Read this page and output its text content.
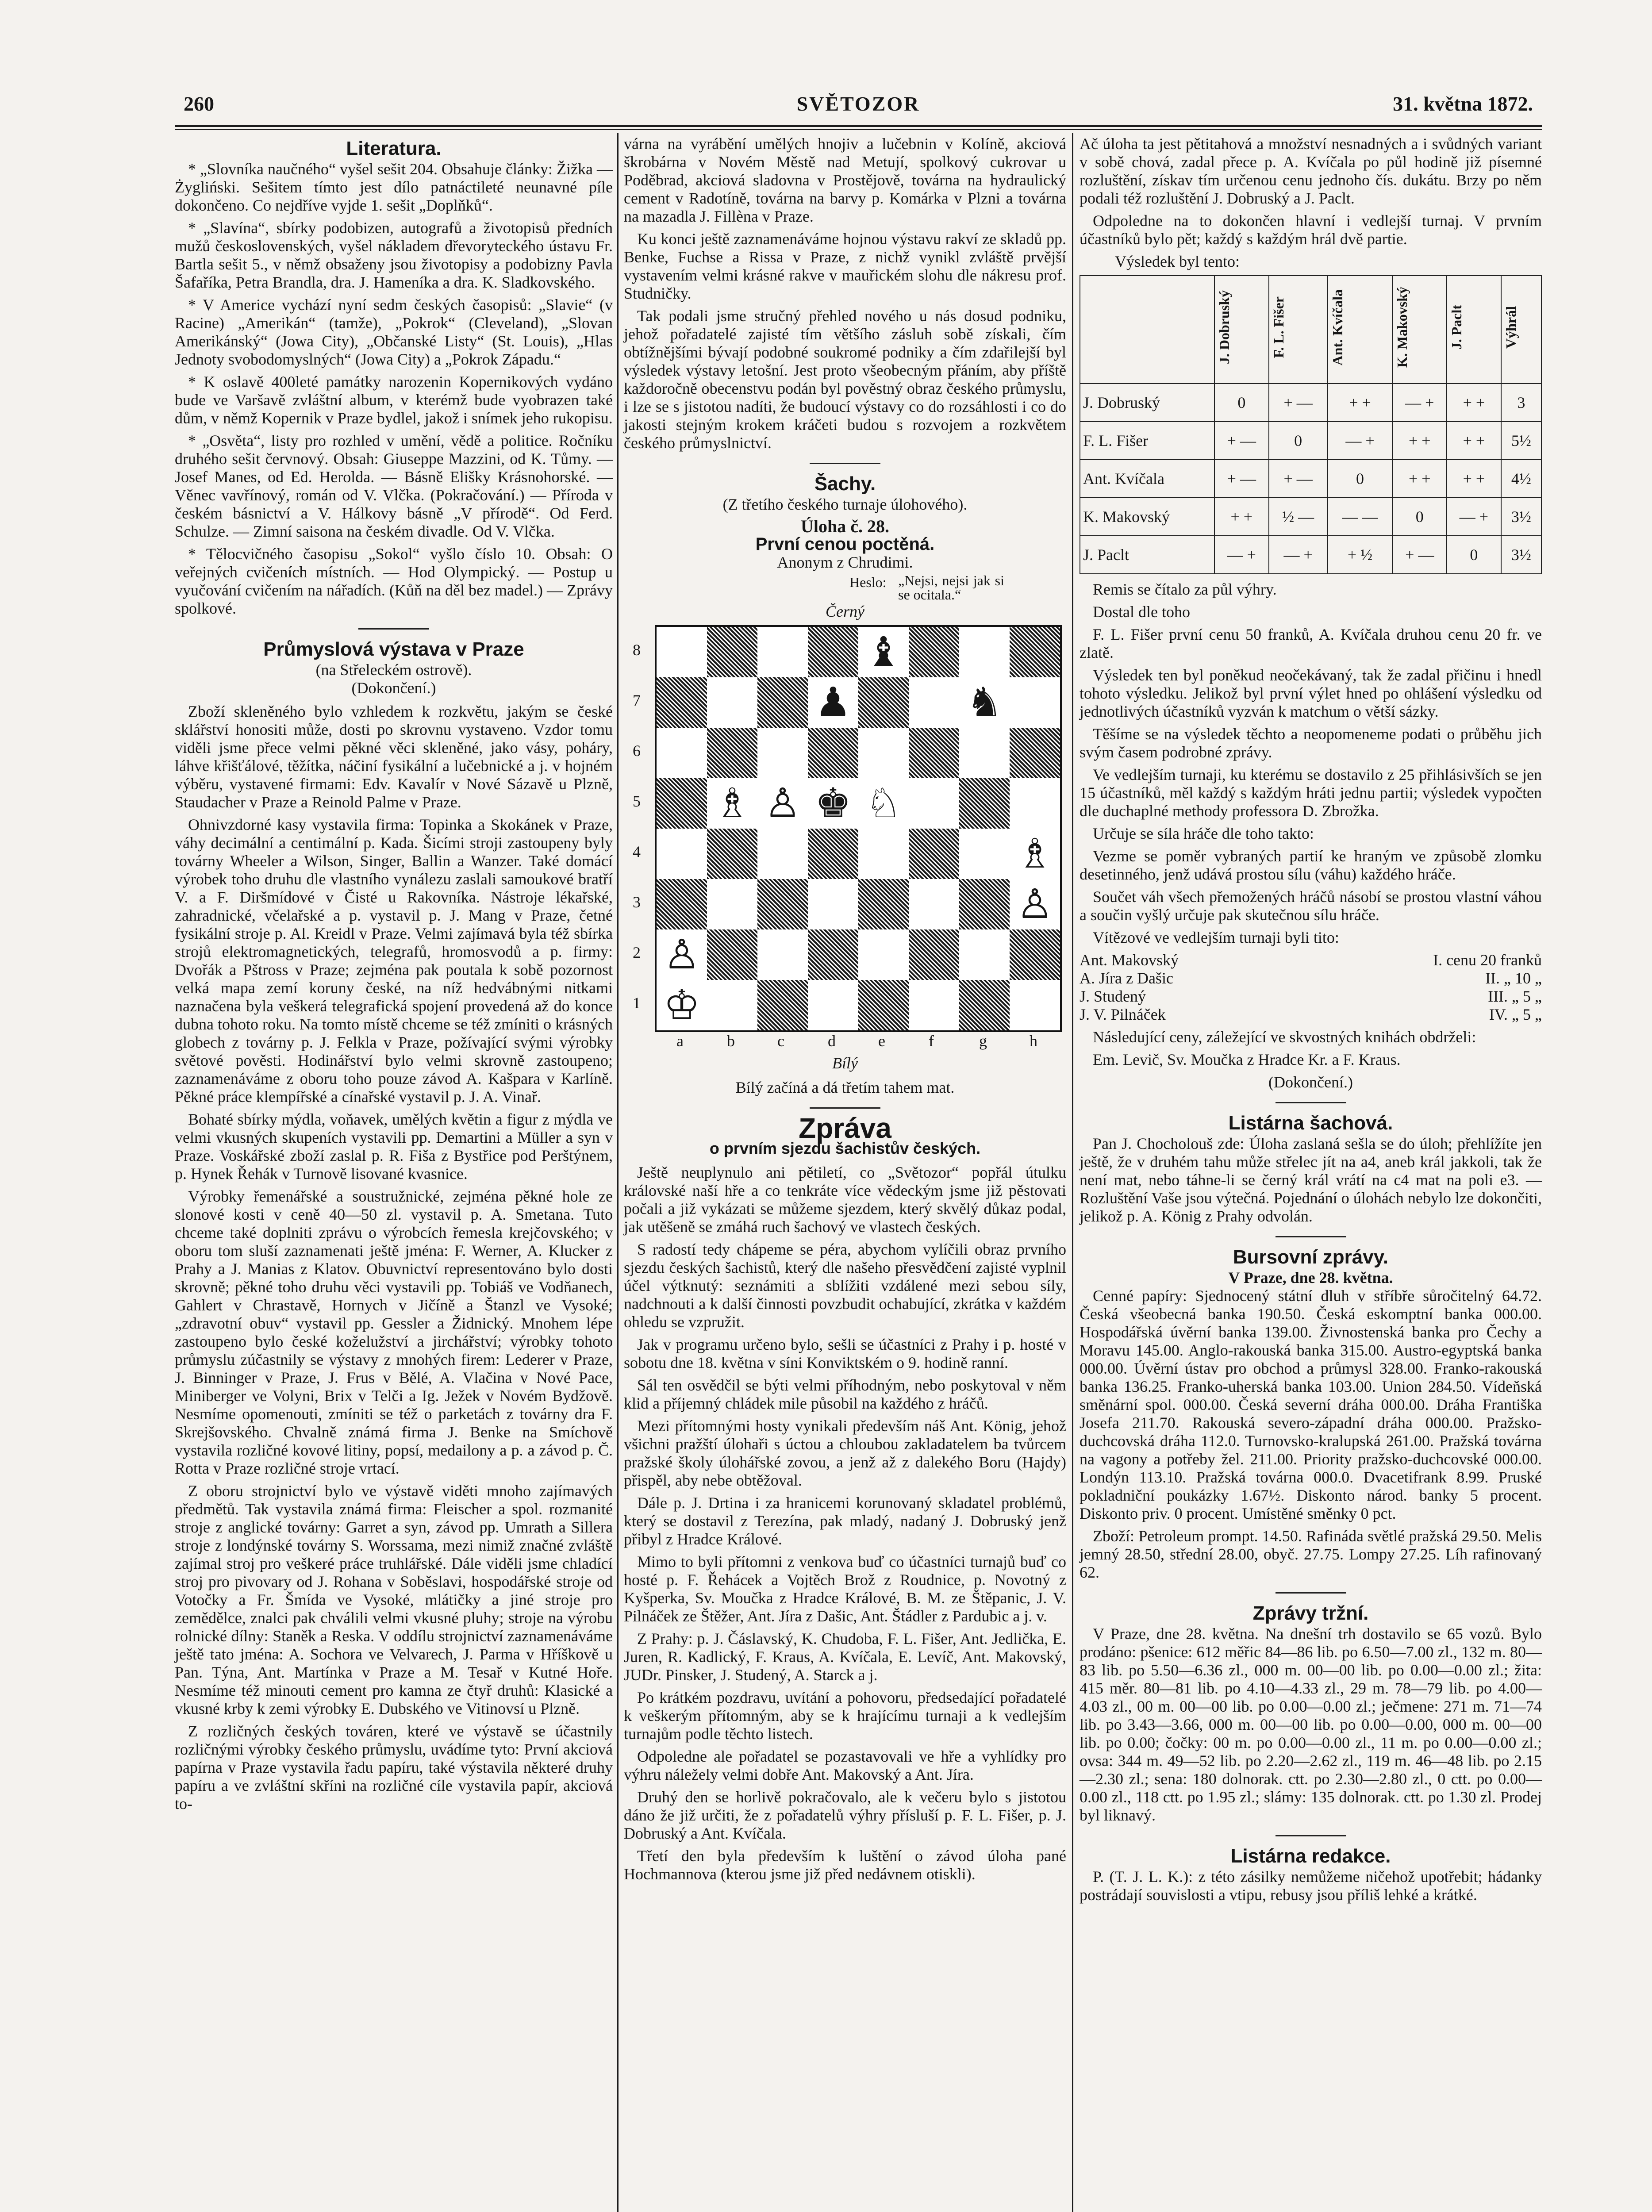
260	SVĚTOZOR	31. května 1872.
Literatura.

* „Slovníka naučného“ vyšel sešit 204. Obsahuje články: Žižka — Żygliński. Sešitem tímto jest dílo patnáctileté neunavné píle dokončeno. Co nejdříve vyjde 1. sešit „Doplňků“.

* „Slavína“, sbírky podobizen, autografů a životopisů předních mužů československých, vyšel nákladem dřevoryteckého ústavu Fr. Bartla sešit 5., v němž obsaženy jsou životopisy a podobizny Pavla Šafaříka, Petra Brandla, dra. J. Hameníka a dra. K. Sladkovského.

* V Americe vychází nyní sedm českých časopisů: „Slavie“ (v Racine) „Amerikán“ (tamže), „Pokrok“ (Cleveland), „Slovan Amerikánský“ (Jowa City), „Občanské Listy“ (St. Louis), „Hlas Jednoty svobodomyslných“ (Jowa City) a „Pokrok Západu.“

* K oslavě 400leté památky narozenin Kopernikových vydáno bude ve Varšavě zvláštní album, v kterémž bude vyobrazen také dům, v němž Kopernik v Praze bydlel, jakož i snímek jeho rukopisu.

* „Osvěta“, listy pro rozhled v umění, vědě a politice. Ročníku druhého sešit červnový. Obsah: Giuseppe Mazzini, od K. Tůmy. — Josef Manes, od Ed. Herolda. — Básně Elišky Krásnohorské. — Věnec vavřínový, román od V. Vlčka. (Pokračování.) — Příroda v českém básnictví a V. Hálkovy básně „V přírodě“. Od Ferd. Schulze. — Zimní saisona na českém divadle. Od V. Vlčka.

* Tělocvičného časopisu „Sokol“ vyšlo číslo 10. Obsah: O veřejných cvičeních místních. — Hod Olympický. — Postup u vyučování cvičením na nářadích. (Kůň na děl bez madel.) — Zprávy spolkové.

Průmyslová výstava v Praze
(na Střeleckém ostrově).
(Dokončení.)

Zboží skleněného bylo vzhledem k rozkvětu, jakým se české sklářství honositi může, dosti po skrovnu vystaveno. Vzdor tomu viděli jsme přece velmi pěkné věci skleněné, jako vásy, poháry, láhve křišťálové, těžítka, náčiní fysikální a lučebnické a j. v hojném výběru, vystavené firmami: Edv. Kavalír v Nové Sázavě u Plzně, Staudacher v Praze a Reinold Palme v Praze.

Ohnivzdorné kasy vystavila firma: Topinka a Skokánek v Praze, váhy decimální a centimální p. Kada. Šicími stroji zastoupeny byly továrny Wheeler a Wilson, Singer, Ballin a Wanzer. Také domácí výrobek toho druhu dle vlastního vynálezu zaslali samoukové bratří V. a F. Diršmídové v Čisté u Rakovníka. Nástroje lékařské, zahradnické, včelařské a p. vystavil p. J. Mang v Praze, četné fysikální stroje p. Al. Kreidl v Praze. Velmi zajímavá byla též sbírka strojů elektromagnetických, telegrafů, hromosvodů a p. firmy: Dvořák a Pštross v Praze; zejména pak poutala k sobě pozornost velká mapa zemí koruny české, na níž hedvábnými nitkami naznačena byla veškerá telegrafická spojení provedená až do konce dubna tohoto roku. Na tomto místě chceme se též zmíniti o krásných globech z továrny p. J. Felkla v Praze, požívající svými výrobky světové pověsti. Hodinářství bylo velmi skrovně zastoupeno; zaznamenáváme z oboru toho pouze závod A. Kašpara v Karlíně. Pěkné práce klempířské a cínařské vystavil p. J. A. Vinař.

Bohaté sbírky mýdla, voňavek, umělých květin a figur z mýdla ve velmi vkusných skupeních vystavili pp. Demartini a Müller a syn v Praze. Voskářské zboží zaslal p. R. Fiša z Bystřice pod Perštýnem, p. Hynek Řehák v Turnově lisované kvasnice.

Výrobky řemenářské a soustružnické, zejména pěkné hole ze slonové kosti v ceně 40—50 zl. vystavil p. A. Smetana. Tuto chceme také doplniti zprávu o výrobcích řemesla krejčovského; v oboru tom sluší zaznamenati ještě jména: F. Werner, A. Klucker z Prahy a J. Manias z Klatov. Obuvnictví representováno bylo dosti skrovně; pěkné toho druhu věci vystavili pp. Tobiáš ve Vodňanech, Gahlert v Chrastavě, Hornych v Jičíně a Štanzl ve Vysoké; „zdravotní obuv“ vystavil pp. Gessler a Židnický. Mnohem lépe zastoupeno bylo české koželužství a jirchářství; výrobky tohoto průmyslu zúčastnily se výstavy z mnohých firem: Lederer v Praze, J. Binninger v Praze, J. Frus v Bělé, A. Vlačina v Nové Pace, Miniberger ve Volyni, Brix v Telči a Ig. Ježek v Novém Bydžově. Nesmíme opomenouti, zmíniti se též o parketách z továrny dra F. Skrejšovského. Chvalně známá firma J. Benke na Smíchově vystavila rozličné kovové litiny, popsí, medailony a p. a závod p. Č. Rotta v Praze rozličné stroje vrtací.

Z oboru strojnictví bylo ve výstavě viděti mnoho zajímavých předmětů. Tak vystavila známá firma: Fleischer a spol. rozmanité stroje z anglické továrny: Garret a syn, závod pp. Umrath a Sillera stroje z londýnské továrny S. Worssama, mezi nimiž značné zvláště zajímal stroj pro veškeré práce truhlářské. Dále viděli jsme chladící stroj pro pivovary od J. Rohana v Soběslavi, hospodářské stroje od Votočky a Fr. Šmída ve Vysoké, mlátičky a jiné stroje pro zemědělce, znalci pak chválili velmi vkusné pluhy; stroje na výrobu rolnické dílny: Staněk a Reska. V oddílu strojnictví zaznamenáváme ještě tato jména: A. Sochora ve Velvarech, J. Parma v Hříškově u Pan. Týna, Ant. Martínka v Praze a M. Tesař v Kutné Hoře. Nesmíme též minouti cement pro kamna ze čtyř druhů: Klasické a vkusné krby k zemi výrobky E. Dubského ve Vitinovsí u Plzně.

Z rozličných českých továren, které ve výstavě se účastnily rozličnými výrobky českého průmyslu, uvádíme tyto: První akciová papírna v Praze vystavila řadu papíru, také výstavila některé druhy papíru a ve zvláštní skříni na rozličné cíle vystavila papír, akciová to-

várna na vyrábění umělých hnojiv a lučebnin v Kolíně, akciová škrobárna v Novém Městě nad Metují, spolkový cukrovar u Poděbrad, akciová sladovna v Prostějově, továrna na hydraulický cement v Radotíně, továrna na barvy p. Komárka v Plzni a továrna na mazadla J. Fillèna v Praze.

Ku konci ještě zaznamenáváme hojnou výstavu rakví ze skladů pp. Benke, Fuchse a Rissa v Praze, z nichž vynikl zvláště prvější vystavením velmi krásné rakve v mauřickém slohu dle nákresu prof. Studničky.

Tak podali jsme stručný přehled nového u nás dosud podniku, jehož pořadatelé zajisté tím většího zásluh sobě získali, čím obtížnějšími bývají podobné soukromé podniky a čím zdařilejší byl výsledek výstavy letošní. Jest proto všeobecným přáním, aby příště každoročně obecenstvu podán byl pověstný obraz českého průmyslu, i lze se s jistotou nadíti, že budoucí výstavy co do rozsáhlosti i co do jakosti stejným krokem kráčeti budou s rozvojem a rozkvětem českého průmyslnictví.

Šachy.
(Z třetího českého turnaje úlohového).
Úloha č. 28.
První cenou poctěná.
Anonym z Chrudimi.
Heslo: „Nejsi, nejsi jak si se ocitala.“
Černý
8
7
6
5
4
3
2
1
♝
♟	♞
♗ ♙ ♚ ♘
♗
♙
♙
♔
a	b	c	d	e	f	g	h
Bílý
Bílý začíná a dá třetím tahem mat.
Zpráva
o prvním sjezdu šachistův českých.

Ještě neuplynulo ani pětiletí, co „Světozor“ popřál útulku královské naší hře a co tenkráte více vědeckým jsme již pěstovati počali a již vykázati se můžeme sjezdem, který skvělý důkaz podal, jak utěšeně se zmáhá ruch šachový ve vlastech českých.

S radostí tedy chápeme se péra, abychom vylíčili obraz prvního sjezdu českých šachistů, který dle našeho přesvědčení zajisté vyplnil účel výtknutý: seznámiti a sblížiti vzdálené mezi sebou síly, nadchnouti a k další činnosti povzbudit ochabující, zkrátka v každém ohledu se vzpružit.

Jak v programu určeno bylo, sešli se účastníci z Prahy i p. hosté v sobotu dne 18. května v síni Konviktském o 9. hodině ranní.

Sál ten osvědčil se býti velmi příhodným, nebo poskytoval v něm klid a příjemný chládek mile působil na každého z hráčů.

Mezi přítomnými hosty vynikali především náš Ant. König, jehož všichni pražští úlohaři s úctou a chloubou zakladatelem ba tvůrcem pražské školy úlohářské zovou, a jenž až z dalekého Boru (Hajdy) přispěl, aby nebe obtěžoval.

Dále p. J. Drtina i za hranicemi korunovaný skladatel problémů, který se dostavil z Terezína, pak mladý, nadaný J. Dobruský jenž přibyl z Hradce Králové.

Mimo to byli přítomni z venkova buď co účastníci turnajů buď co hosté p. F. Řehácek a Vojtěch Brož z Roudnice, p. Novotný z Kyšperka, Sv. Moučka z Hradce Králové, B. M. ze Štěpanic, J. V. Pilnáček ze Štěžer, Ant. Jíra z Dašic, Ant. Štádler z Pardubic a j. v.

Z Prahy: p. J. Čáslavský, K. Chudoba, F. L. Fišer, Ant. Jedlička, E. Juren, R. Kadlický, F. Kraus, A. Kvíčala, E. Levíč, Ant. Makovský, JUDr. Pinsker, J. Studený, A. Starck a j.

Po krátkém pozdravu, uvítání a pohovoru, předsedající pořadatelé k veškerým přítomným, aby se k hrajícímu turnaji a k vedlejším turnajům podle těchto listech.

Odpoledne ale pořadatel se pozastavovali ve hře a vyhlídky pro výhru náležely velmi dobře Ant. Makovský a Ant. Jíra.

Druhý den se horlivě pokračovalo, ale k večeru bylo s jistotou dáno že již určiti, že z pořadatelů výhry přísluší p. F. L. Fišer, p. J. Dobruský a Ant. Kvíčala.

Třetí den byla především k luštění o závod úloha pané Hochmannova (kterou jsme již před nedávnem otiskli).

Ač úloha ta jest pětitahová a množství nesnadných a i svůdných variant v sobě chová, zadal přece p. A. Kvíčala po půl hodině již písemné rozluštění, získav tím určenou cenu jednoho čís. dukátu. Brzy po něm podali též rozluštění J. Dobruský a J. Paclt.

Odpoledne na to dokončen hlavní i vedlejší turnaj. V prvním účastníků bylo pět; každý s každým hrál dvě partie.

Výsledek byl tento:
	J. Dobruský	F. L. Fišer	Ant. Kvíčala	K. Makovský	J. Paclt	Výhrál
J. Dobruský	0	+ —	+ +	— +	+ +	3
F. L. Fišer	+ —	0	— +	+ +	+ +	5½
Ant. Kvíčala	+ —	+ —	0	+ +	+ +	4½
K. Makovský	+ +	½ —	— —	0	— +	3½
J. Paclt	— +	— +	+ ½	+ —	0	3½

Remis se čítalo za půl výhry.

Dostal dle toho

F. L. Fišer první cenu 50 franků, A. Kvíčala druhou cenu 20 fr. ve zlatě.

Výsledek ten byl poněkud neočekávaný, tak že zadal přičinu i hnedl tohoto výsledku. Jelikož byl první výlet hned po ohlášení výsledku od jednotlivých účastníků vyzván k matchum o větší sázky.

Těšíme se na výsledek těchto a neopomeneme podati o průběhu jich svým časem podrobné zprávy.

Ve vedlejším turnaji, ku kterému se dostavilo z 25 přihlásivších se jen 15 účastníků, měl každý s každým hráti jednu partii; výsledek vypočten dle duchaplné methody professora D. Zbrožka.

Určuje se síla hráče dle toho takto:

Vezme se poměr vybraných partií ke hraným ve způsobě zlomku desetinného, jenž udává prostou sílu (váhu) každého hráče.

Součet váh všech přemožených hráčů násobí se prostou vlastní váhou a součin vyšlý určuje pak skutečnou sílu hráče.

Vítězové ve vedlejším turnaji byli tito:

Ant. Makovský	I. cenu 20 franků
A. Jíra z Dašic	II. „ 10 „
J. Studený	III. „ 5 „
J. V. Pilnáček	IV. „ 5 „

Následující ceny, záležející ve skvostných knihách obdrželi:

Em. Levič, Sv. Moučka z Hradce Kr. a F. Kraus.

(Dokončení.)
Listárna šachová.

Pan J. Chocholouš zde: Úloha zaslaná sešla se do úloh; přehlížíte jen ještě, že v druhém tahu může střelec jít na a4, aneb král jakkoli, tak že není mat, nebo táhne-li se černý král vrátí na c4 mat na poli e3. — Rozluštění Vaše jsou výtečná. Pojednání o úlohách nebylo lze dokončiti, jelikož p. A. König z Prahy odvolán.

Bursovní zprávy.
V Praze, dne 28. května.

Cenné papíry: Sjednocený státní dluh v stříbře sůročitelný 64.72. Česká všeobecná banka 190.50. Česká eskomptní banka 000.00. Hospodářská úvěrní banka 139.00. Živnostenská banka pro Čechy a Moravu 145.00. Anglo-rakouská banka 315.00. Austro-egyptská banka 000.00. Úvěrní ústav pro obchod a průmysl 328.00. Franko-rakouská banka 136.25. Franko-uherská banka 103.00. Union 284.50. Vídeňská směnární spol. 000.00. Česká severní dráha 000.00. Dráha Františka Josefa 211.70. Rakouská severo-západní dráha 000.00. Pražsko-duchcovská dráha 112.0. Turnovsko-kralupská 261.00. Pražská továrna na vagony a potřeby žel. 211.00. Priority pražsko-duchcovské 000.00. Londýn 113.10. Pražská továrna 000.0. Dvacetifrank 8.99. Pruské pokladniční poukázky 1.67½. Diskonto národ. banky 5 procent. Diskonto priv. 0 procent. Umístěné směnky 0 pct.

Zboží: Petroleum prompt. 14.50. Rafináda světlé pražská 29.50. Melis jemný 28.50, střední 28.00, obyč. 27.75. Lompy 27.25. Líh rafinovaný 62.

Zprávy tržní.

V Praze, dne 28. května. Na dnešní trh dostavilo se 65 vozů. Bylo prodáno: pšenice: 612 měřic 84—86 lib. po 6.50—7.00 zl., 132 m. 80—83 lib. po 5.50—6.36 zl., 000 m. 00—00 lib. po 0.00—0.00 zl.; žita: 415 měr. 80—81 lib. po 4.10—4.33 zl., 29 m. 78—79 lib. po 4.00—4.03 zl., 00 m. 00—00 lib. po 0.00—0.00 zl.; ječmene: 271 m. 71—74 lib. po 3.43—3.66, 000 m. 00—00 lib. po 0.00—0.00, 000 m. 00—00 lib. po 0.00; čočky: 00 m. po 0.00—0.00 zl., 11 m. po 0.00—0.00 zl.; ovsa: 344 m. 49—52 lib. po 2.20—2.62 zl., 119 m. 46—48 lib. po 2.15—2.30 zl.; sena: 180 dolnorak. ctt. po 2.30—2.80 zl., 0 ctt. po 0.00—0.00 zl., 118 ctt. po 1.95 zl.; slámy: 135 dolnorak. ctt. po 1.30 zl. Prodej byl liknavý.

Listárna redakce.

P. (T. J. L. K.): z této zásilky nemůžeme ničehož upotřebit; hádanky postrádají souvislosti a vtipu, rebusy jsou příliš lehké a krátké.
